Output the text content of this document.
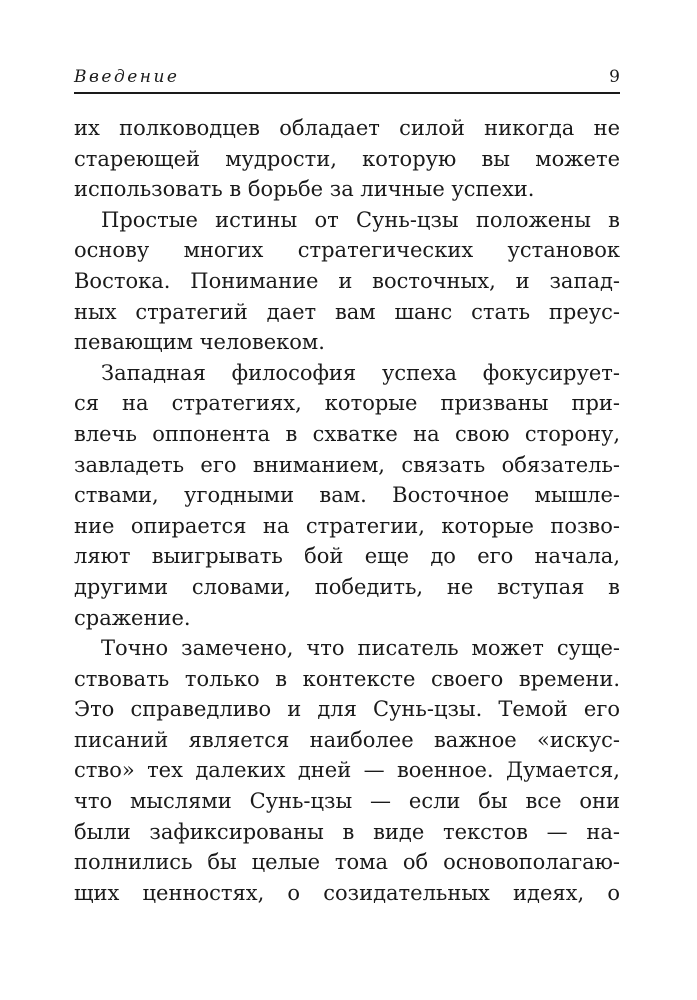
Введение	9
их полководцев обладает силой никогда не
стареющей мудрости, которую вы можете
использовать в борьбе за личные успехи.
Простые истины от Сунь-цзы положены в
основу многих стратегических установок
Востока. Понимание и восточных, и запад-
ных стратегий дает вам шанс стать преус-
певающим человеком.
Западная философия успеха фокусирует-
ся на стратегиях, которые призваны при-
влечь оппонента в схватке на свою сторону,
завладеть его вниманием, связать обязатель-
ствами, угодными вам. Восточное мышле-
ние опирается на стратегии, которые позво-
ляют выигрывать бой еще до его начала,
другими словами, победить, не вступая в
сражение.
Точно замечено, что писатель может суще-
ствовать только в контексте своего времени.
Это справедливо и для Сунь-цзы. Темой его
писаний является наиболее важное «искус-
ство» тех далеких дней — военное. Думается,
что мыслями Сунь-цзы — если бы все они
были зафиксированы в виде текстов — на-
полнились бы целые тома об основополагаю-
щих ценностях, о созидательных идеях, о
